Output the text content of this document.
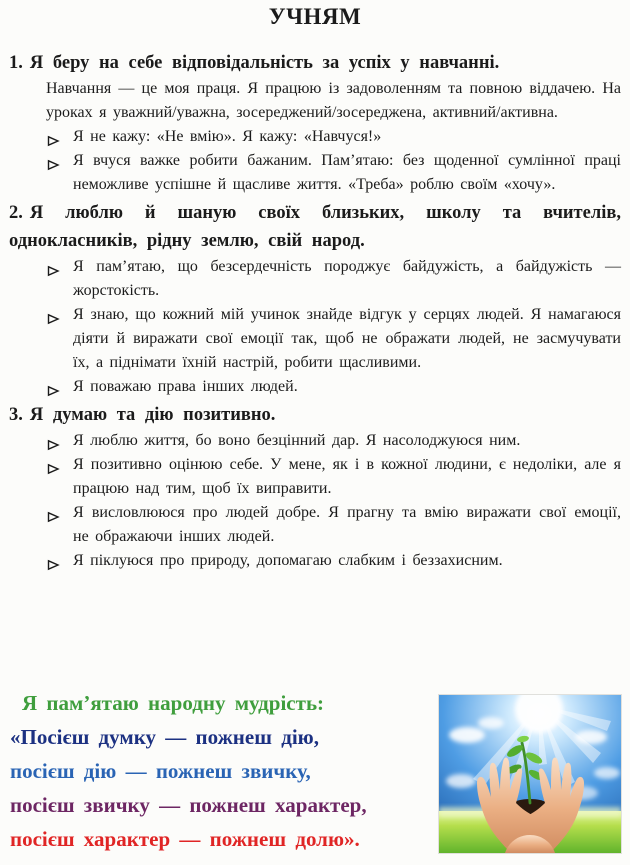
УЧНЯМ
1. Я беру на себе відповідальність за успіх у навчанні.

Навчання — це моя праця. Я працюю із задоволенням та повною віддачею. На уроках я уважний/уважна, зосереджений/зосереджена, активний/активна.

Я не кажу: «Не вмію». Я кажу: «Навчуся!»
Я вчуся важке робити бажаним. Пам’ятаю: без щоденної сумлінної праці неможливе успішне й щасливе життя. «Треба» роблю своїм «хочу».
2. Я люблю й шаную своїх близьких, школу та вчителів, однокласників, рідну землю, свій народ.
Я пам’ятаю, що безсердечність породжує байдужість, а байдужість — жорстокість.
Я знаю, що кожний мій учинок знайде відгук у серцях людей. Я намагаюся діяти й виражати свої емоції так, щоб не ображати людей, не засмучувати їх, а піднімати їхній настрій, робити щасливими.
Я поважаю права інших людей.
3. Я думаю та дію позитивно.
Я люблю життя, бо воно безцінний дар. Я насолоджуюся ним.
Я позитивно оцінюю себе. У мене, як і в кожної людини, є недоліки, але я працюю над тим, щоб їх виправити.
Я висловлююся про людей добре. Я прагну та вмію виражати свої емоції, не ображаючи інших людей.
Я піклуюся про природу, допомагаю слабким і беззахисним.
Я пам’ятаю народну мудрість:
«Посієш думку — пожнеш дію,
посієш дію — пожнеш звичку,
посієш звичку — пожнеш характер,
посієш характер — пожнеш долю».
